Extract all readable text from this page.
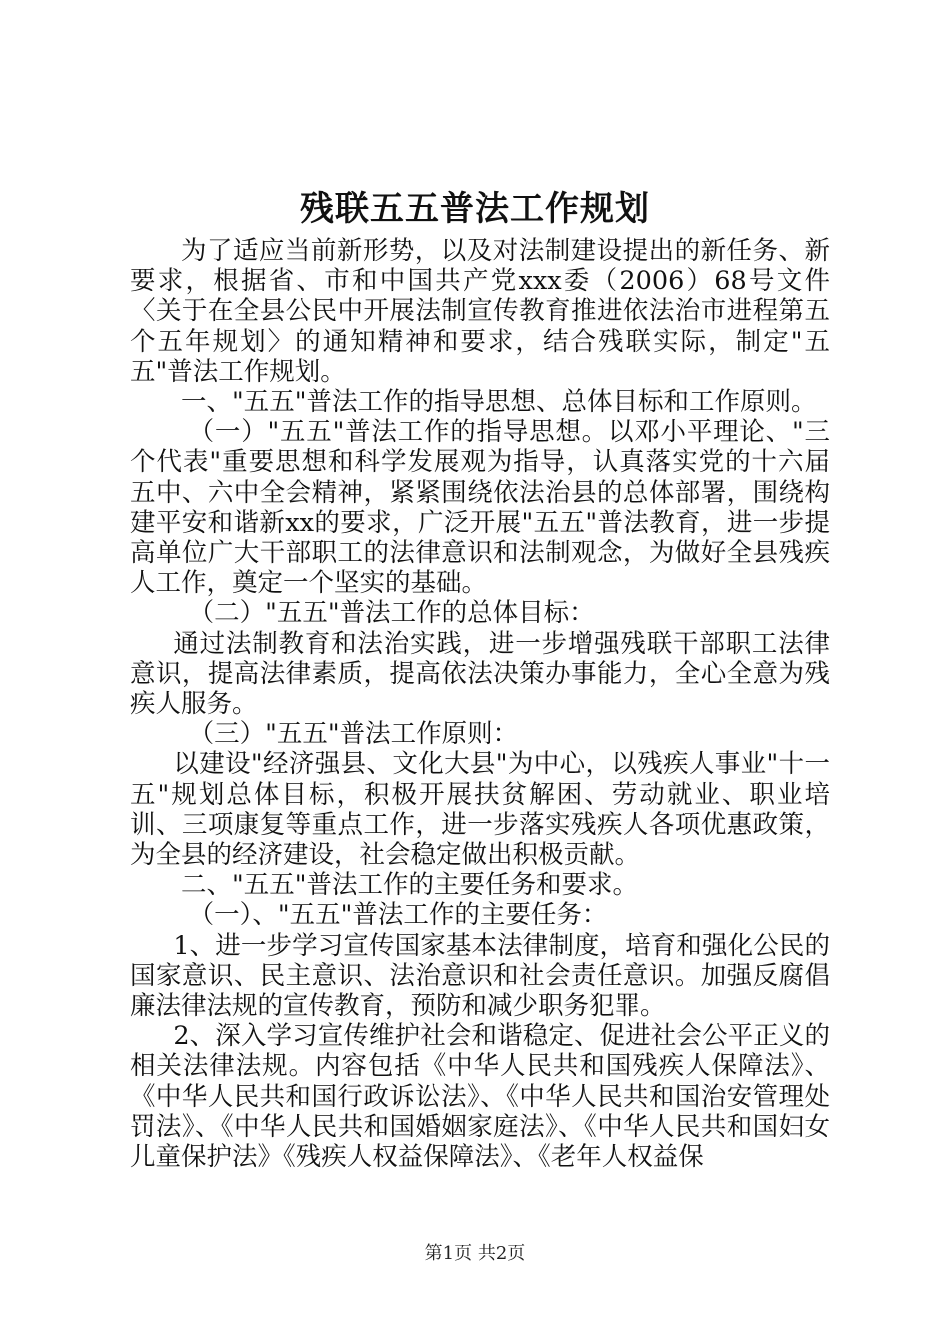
残联五五普法工作规划

为了适应当前新形势，以及对法制建设提出的新任务、新要求，根据省、市和中国共产党xxx委（2006）68号文件〈关于在全县公民中开展法制宣传教育推进依法治市进程第五个五年规划〉的通知精神和要求，结合残联实际，制定"五五"普法工作规划。

一、"五五"普法工作的指导思想、总体目标和工作原则。

（一）"五五"普法工作的指导思想。以邓小平理论、"三个代表"重要思想和科学发展观为指导，认真落实党的十六届五中、六中全会精神，紧紧围绕依法治县的总体部署，围绕构建平安和谐新xx的要求，广泛开展"五五"普法教育，进一步提高单位广大干部职工的法律意识和法制观念，为做好全县残疾人工作，奠定一个坚实的基础。

（二）"五五"普法工作的总体目标：

通过法制教育和法治实践，进一步增强残联干部职工法律意识，提高法律素质，提高依法决策办事能力，全心全意为残疾人服务。

（三）"五五"普法工作原则：

以建设"经济强县、文化大县"为中心，以残疾人事业"十一五"规划总体目标，积极开展扶贫解困、劳动就业、职业培训、三项康复等重点工作，进一步落实残疾人各项优惠政策，为全县的经济建设，社会稳定做出积极贡献。

二、"五五"普法工作的主要任务和要求。

（一）、"五五"普法工作的主要任务：

1、进一步学习宣传国家基本法律制度，培育和强化公民的国家意识、民主意识、法治意识和社会责任意识。加强反腐倡廉法律法规的宣传教育，预防和减少职务犯罪。

2、深入学习宣传维护社会和谐稳定、促进社会公平正义的相关法律法规。内容包括《中华人民共和国残疾人保障法》、《中华人民共和国行政诉讼法》、《中华人民共和国治安管理处罚法》、《中华人民共和国婚姻家庭法》、《中华人民共和国妇女儿童保护法》《残疾人权益保障法》、《老年人权益保

第1页 共2页
